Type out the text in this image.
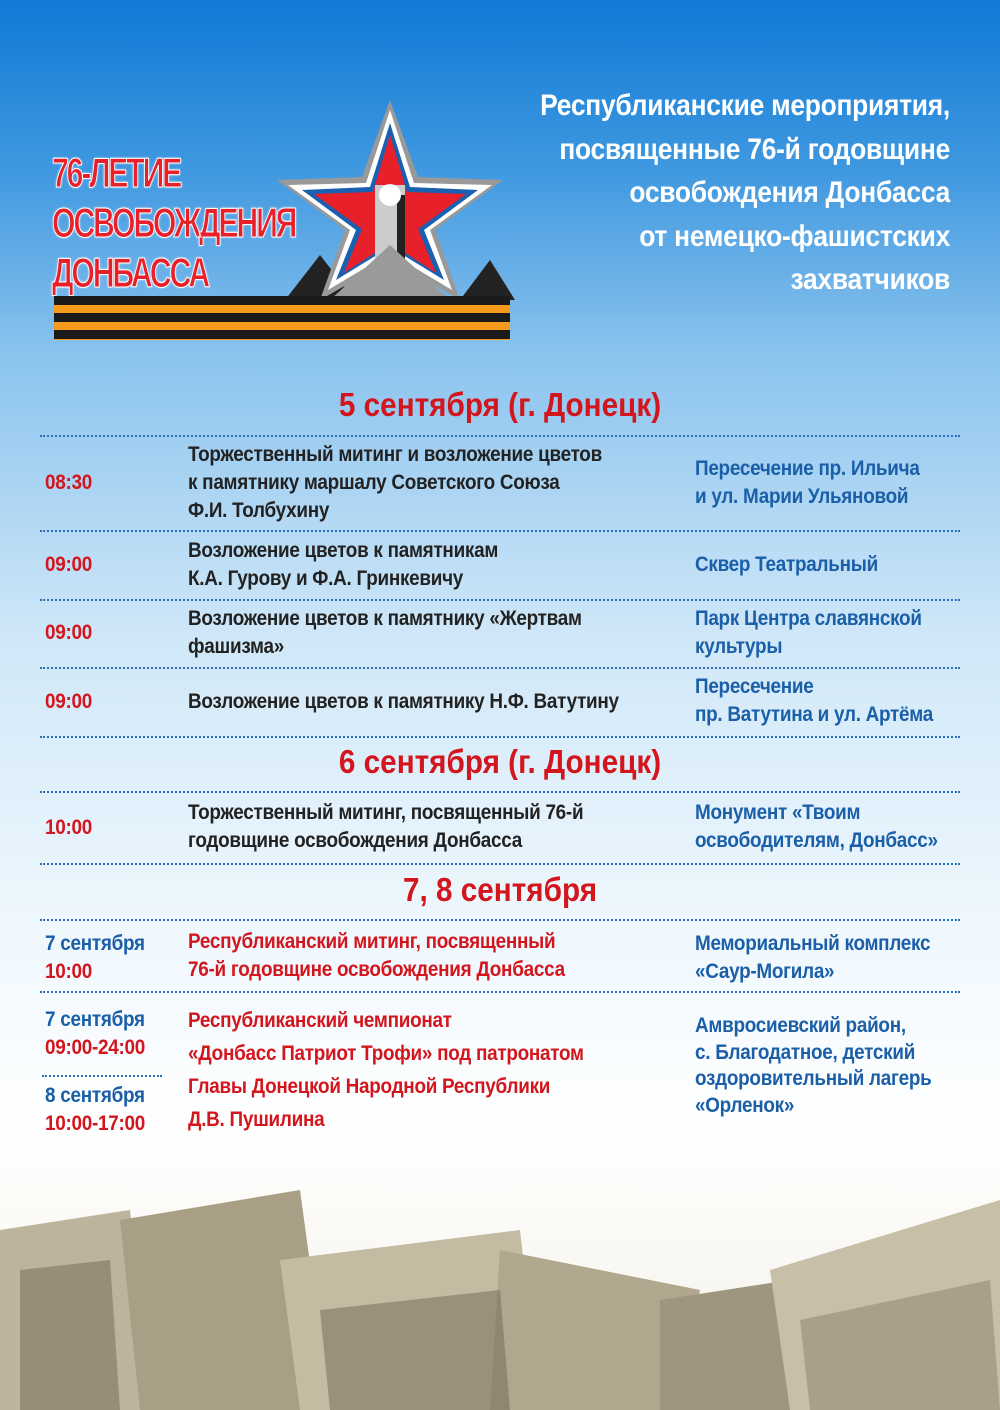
Республиканские мероприятия,
посвященные 76-й годовщине
освобождения Донбасса
от немецко-фашистских
захватчиков
76-ЛЕТИЕ
ОСВОБОЖДЕНИЯ
ДОНБАССА
5 сентября (г. Донецк)
08:30
Торжественный митинг и возложение цветов
к памятнику маршалу Советского Союза
Ф.И. Толбухину
Пересечение пр. Ильича
и ул. Марии Ульяновой
09:00
Возложение цветов к памятникам
К.А. Гурову и Ф.А. Гринкевичу
Сквер Театральный
09:00
Возложение цветов к памятнику «Жертвам
фашизма»
Парк Центра славянской
культуры
09:00	Возложение цветов к памятнику Н.Ф. Ватутину
Пересечение
пр. Ватутина и ул. Артёма
6 сентября (г. Донецк)
10:00
Торжественный митинг, посвященный 76-й
годовщине освобождения Донбасса
Монумент «Твоим
освободителям, Донбасс»
7, 8 сентября
7 сентября
10:00
Республиканский митинг, посвященный
76-й годовщине освобождения Донбасса
Мемориальный комплекс
«Саур-Могила»
7 сентября
09:00-24:00
8 сентября
10:00-17:00
Республиканский чемпионат
«Донбасс Патриот Трофи» под патронатом
Главы Донецкой Народной Республики
Д.В. Пушилина
Амвросиевский район,
с. Благодатное, детский
оздоровительный лагерь
«Орленок»
